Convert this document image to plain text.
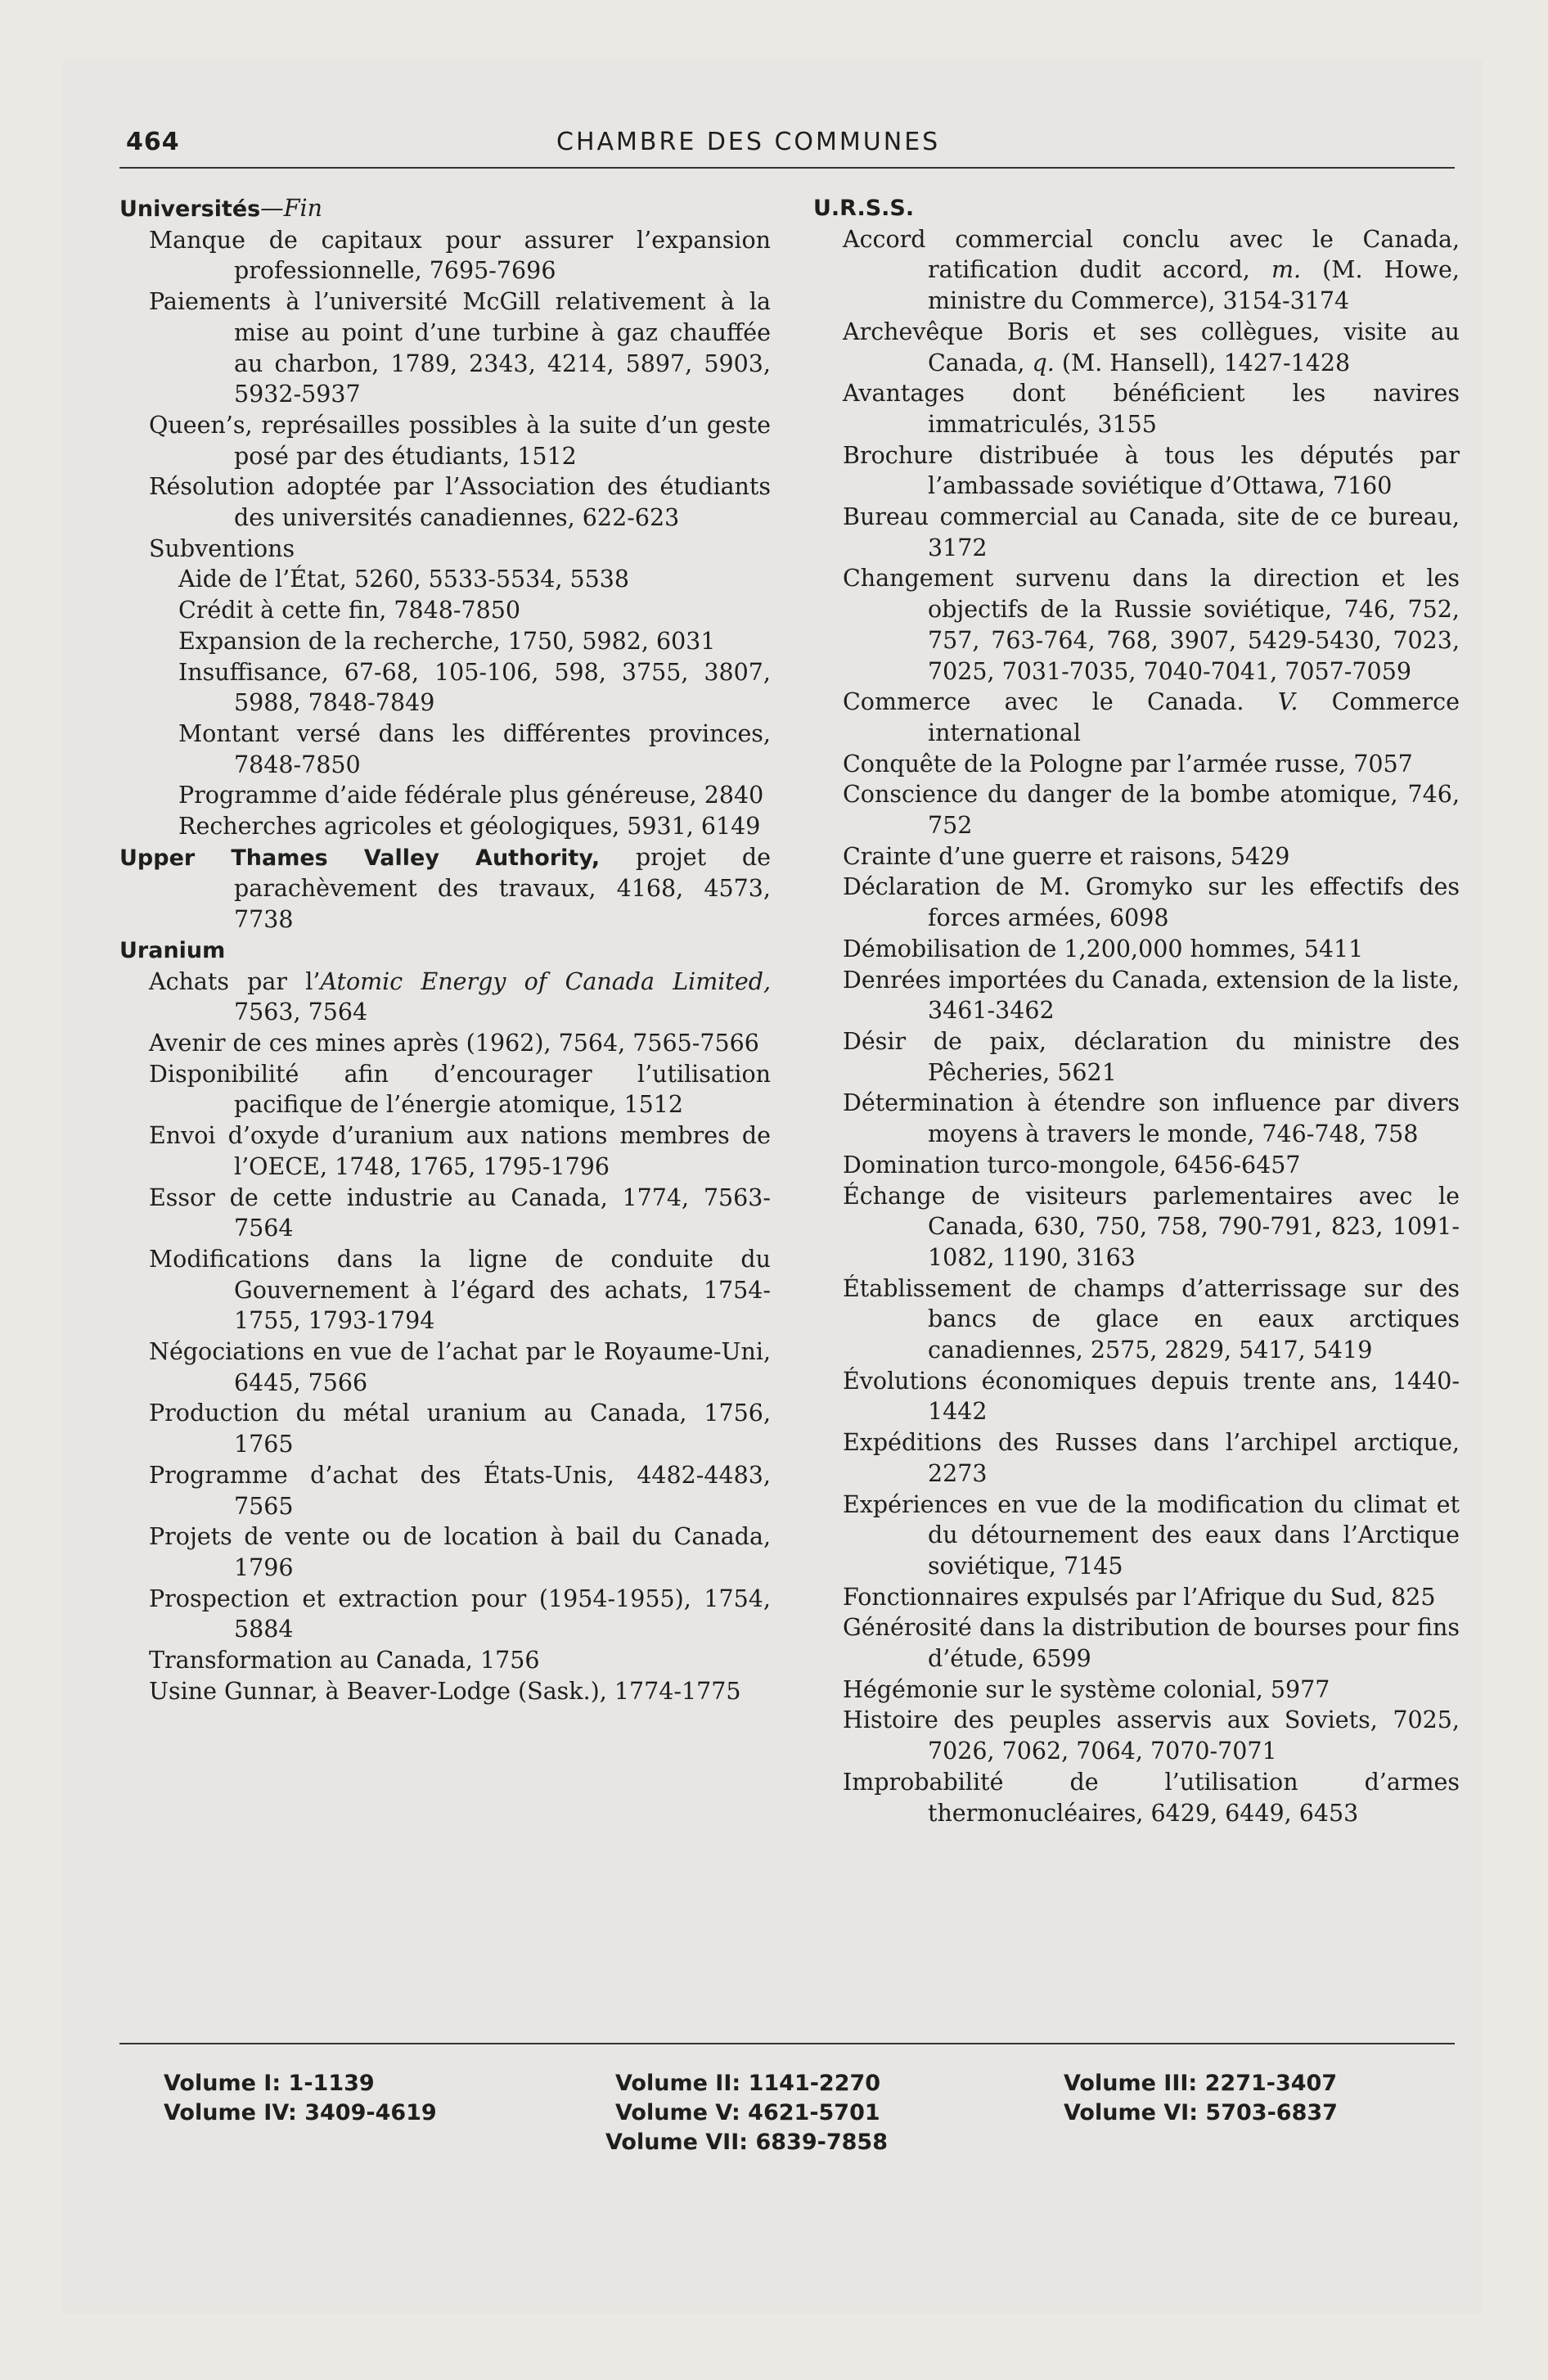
464	CHAMBRE DES COMMUNES

Universités—Fin

Manque de capitaux pour assurer l’expansion professionnelle, 7695-7696

Paiements à l’université McGill relativement à la mise au point d’une turbine à gaz chauffée au charbon, 1789, 2343, 4214, 5897, 5903, 5932-5937

Queen’s, représailles possibles à la suite d’un geste posé par des étudiants, 1512

Résolution adoptée par l’Association des étudiants des universités canadiennes, 622-623

Subventions

Aide de l’État, 5260, 5533-5534, 5538

Crédit à cette fin, 7848-7850

Expansion de la recherche, 1750, 5982, 6031

Insuffisance, 67-68, 105-106, 598, 3755, 3807, 5988, 7848-7849

Montant versé dans les différentes provinces, 7848-7850

Programme d’aide fédérale plus généreuse, 2840

Recherches agricoles et géologiques, 5931, 6149

Upper Thames Valley Authority, projet de parachèvement des travaux, 4168, 4573, 7738

Uranium

Achats par l’Atomic Energy of Canada Limited, 7563, 7564

Avenir de ces mines après (1962), 7564, 7565-7566

Disponibilité afin d’encourager l’utilisation pacifique de l’énergie atomique, 1512

Envoi d’oxyde d’uranium aux nations membres de l’OECE, 1748, 1765, 1795-1796

Essor de cette industrie au Canada, 1774, 7563-7564

Modifications dans la ligne de conduite du Gouvernement à l’égard des achats, 1754-1755, 1793-1794

Négociations en vue de l’achat par le Royaume-Uni, 6445, 7566

Production du métal uranium au Canada, 1756, 1765

Programme d’achat des États-Unis, 4482-4483, 7565

Projets de vente ou de location à bail du Canada, 1796

Prospection et extraction pour (1954-1955), 1754, 5884

Transformation au Canada, 1756

Usine Gunnar, à Beaver-Lodge (Sask.), 1774-1775

U.R.S.S.

Accord commercial conclu avec le Canada, ratification dudit accord, m. (M. Howe, ministre du Commerce), 3154-3174

Archevêque Boris et ses collègues, visite au Canada, q. (M. Hansell), 1427-1428

Avantages dont bénéficient les navires immatriculés, 3155

Brochure distribuée à tous les députés par l’ambassade soviétique d’Ottawa, 7160

Bureau commercial au Canada, site de ce bureau, 3172

Changement survenu dans la direction et les objectifs de la Russie soviétique, 746, 752, 757, 763-764, 768, 3907, 5429-5430, 7023, 7025, 7031-7035, 7040-7041, 7057-7059

Commerce avec le Canada. V. Commerce international

Conquête de la Pologne par l’armée russe, 7057

Conscience du danger de la bombe atomique, 746, 752

Crainte d’une guerre et raisons, 5429

Déclaration de M. Gromyko sur les effectifs des forces armées, 6098

Démobilisation de 1,200,000 hommes, 5411

Denrées importées du Canada, extension de la liste, 3461-3462

Désir de paix, déclaration du ministre des Pêcheries, 5621

Détermination à étendre son influence par divers moyens à travers le monde, 746-748, 758

Domination turco-mongole, 6456-6457

Échange de visiteurs parlementaires avec le Canada, 630, 750, 758, 790-791, 823, 1091-1082, 1190, 3163

Établissement de champs d’atterrissage sur des bancs de glace en eaux arctiques canadiennes, 2575, 2829, 5417, 5419

Évolutions économiques depuis trente ans, 1440-1442

Expéditions des Russes dans l’archipel arctique, 2273

Expériences en vue de la modification du climat et du détournement des eaux dans l’Arctique soviétique, 7145

Fonctionnaires expulsés par l’Afrique du Sud, 825

Générosité dans la distribution de bourses pour fins d’étude, 6599

Hégémonie sur le système colonial, 5977

Histoire des peuples asservis aux Soviets, 7025, 7026, 7062, 7064, 7070-7071

Improbabilité de l’utilisation d’armes thermonucléaires, 6429, 6449, 6453

Volume I: 1-1139
Volume IV: 3409-4619
Volume II: 1141-2270
Volume V: 4621-5701
Volume VII: 6839-7858
Volume III: 2271-3407
Volume VI: 5703-6837
